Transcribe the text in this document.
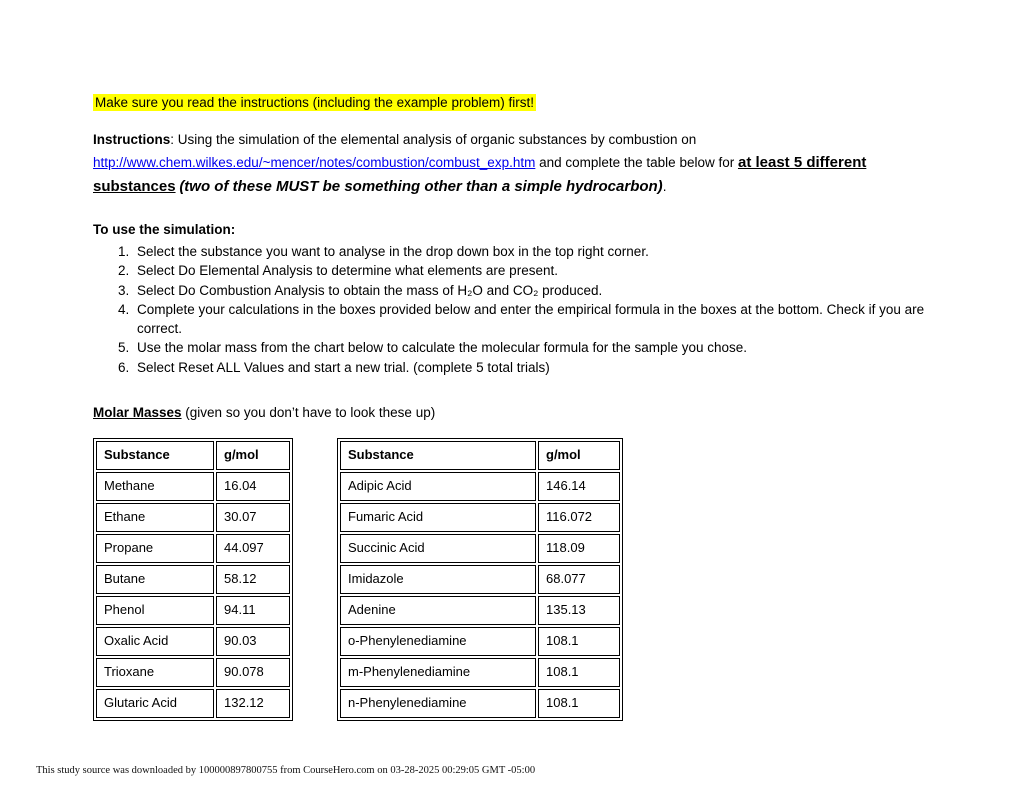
Make sure you read the instructions (including the example problem) first!

Instructions: Using the simulation of the elemental analysis of organic substances by combustion on http://www.chem.wilkes.edu/~mencer/notes/combustion/combust_exp.htm and complete the table below for at least 5 different substances (two of these MUST be something other than a simple hydrocarbon).

To use the simulation:
1. Select the substance you want to analyse in the drop down box in the top right corner.
2. Select Do Elemental Analysis to determine what elements are present.
3. Select Do Combustion Analysis to obtain the mass of H₂O and CO₂ produced.
4. Complete your calculations in the boxes provided below and enter the empirical formula in the boxes at the bottom. Check if you are correct.
5. Use the molar mass from the chart below to calculate the molecular formula for the sample you chose.
6. Select Reset ALL Values and start a new trial. (complete 5 total trials)
Molar Masses (given so you don’t have to look these up)
Substance	g/mol
Methane	16.04
Ethane	30.07
Propane	44.097
Butane	58.12
Phenol	94.11
Oxalic Acid	90.03
Trioxane	90.078
Glutaric Acid	132.12
Substance	g/mol
Adipic Acid	146.14
Fumaric Acid	116.072
Succinic Acid	118.09
Imidazole	68.077
Adenine	135.13
o-Phenylenediamine	108.1
m-Phenylenediamine	108.1
n-Phenylenediamine	108.1
This study source was downloaded by 100000897800755 from CourseHero.com on 03-28-2025 00:29:05 GMT -05:00
